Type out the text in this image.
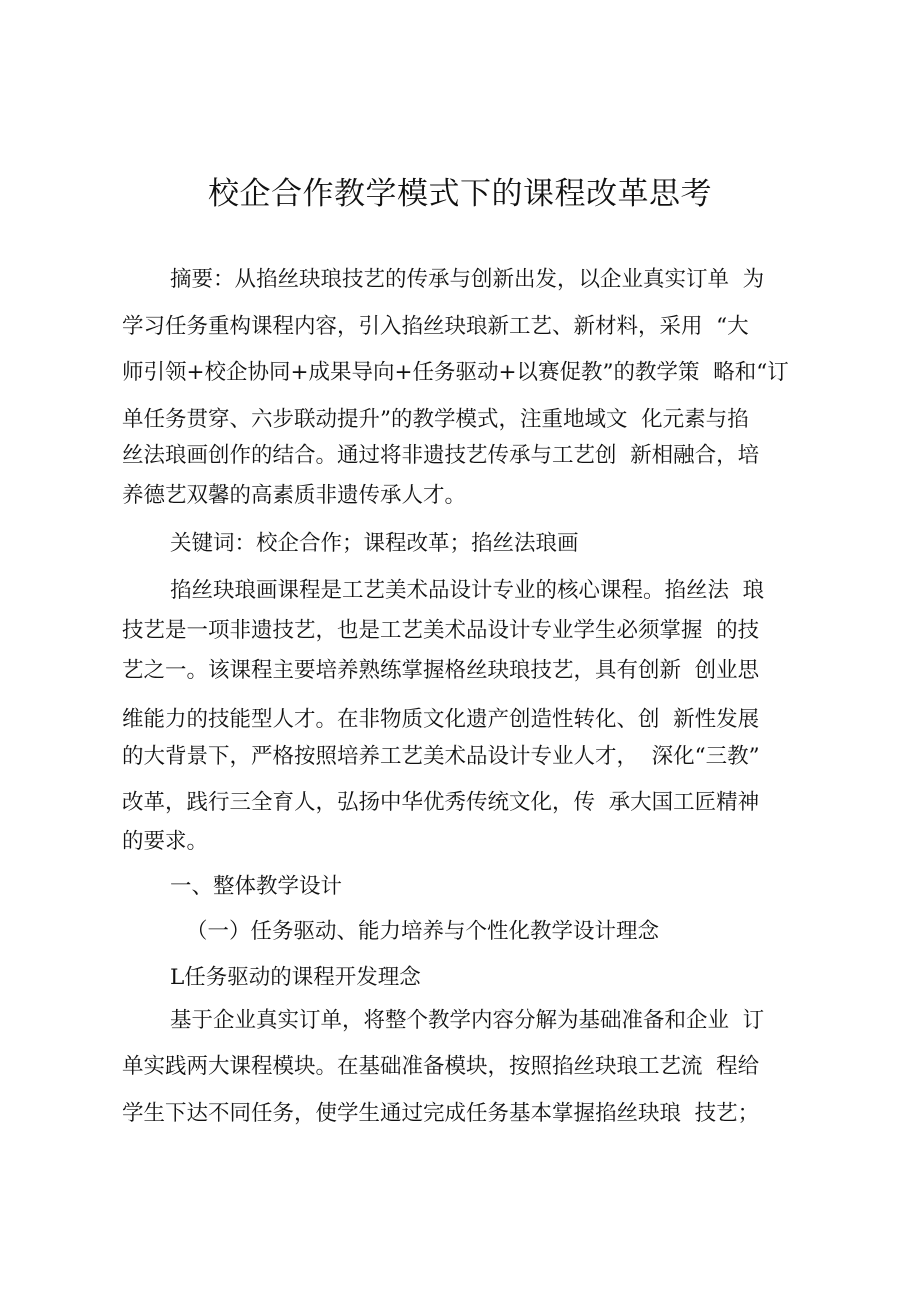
校企合作教学模式下的课程改革思考

摘要：从掐丝玦琅技艺的传承与创新出发，以企业真实订单  为

学习任务重构课程内容，引入掐丝玦琅新工艺、新材料，采用  “大

师引领+校企协同+成果导向+任务驱动+以赛促教”的教学策  略和“订

单任务贯穿、六步联动提升”的教学模式，注重地域文  化元素与掐

丝法琅画创作的结合。通过将非遗技艺传承与工艺创  新相融合，培

养德艺双馨的高素质非遗传承人才。

关键词：校企合作；课程改革；掐丝法琅画

掐丝玦琅画课程是工艺美术品设计专业的核心课程。掐丝法  琅

技艺是一项非遗技艺，也是工艺美术品设计专业学生必须掌握  的技

艺之一。该课程主要培养熟练掌握格丝玦琅技艺，具有创新  创业思

维能力的技能型人才。在非物质文化遗产创造性转化、创  新性发展

的大背景下，严格按照培养工艺美术品设计专业人才，  深化“三教”

改革，践行三全育人，弘扬中华优秀传统文化，传  承大国工匠精神

的要求。

一、整体教学设计

（一）任务驱动、能力培养与个性化教学设计理念

L任务驱动的课程开发理念

基于企业真实订单，将整个教学内容分解为基础准备和企业  订

单实践两大课程模块。在基础准备模块，按照掐丝玦琅工艺流  程给

学生下达不同任务，使学生通过完成任务基本掌握掐丝玦琅  技艺；
